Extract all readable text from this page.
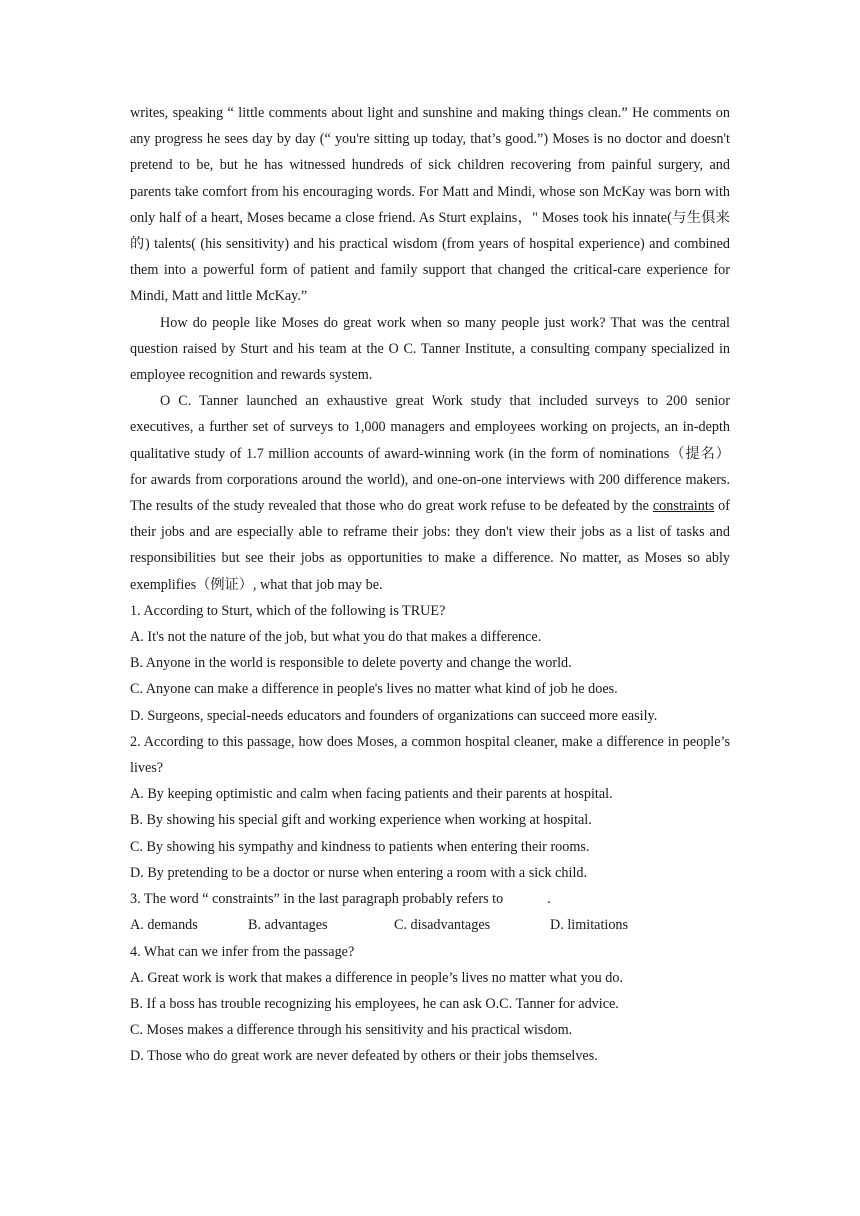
writes, speaking “ little comments about light and sunshine and making things clean.” He comments on any progress he sees day by day (“ you're sitting up today, that’s good.”) Moses is no doctor and doesn't pretend to be, but he has witnessed hundreds of sick children recovering from painful surgery, and parents take comfort from his encouraging words. For Matt and Mindi, whose son McKay was born with only half of a heart, Moses became a close friend. As Sturt explains，" Moses took his innate(与生俱来的) talents( (his sensitivity) and his practical wisdom (from years of hospital experience) and combined them into a powerful form of patient and family support that changed the critical-care experience for Mindi, Matt and little McKay.”

How do people like Moses do great work when so many people just work? That was the central question raised by Sturt and his team at the O C. Tanner Institute, a consulting company specialized in employee recognition and rewards system.

O C. Tanner launched an exhaustive great Work study that included surveys to 200 senior executives, a further set of surveys to 1,000 managers and employees working on projects, an in-depth qualitative study of 1.7 million accounts of award-winning work (in the form of nominations（提名） for awards from corporations around the world), and one-on-one interviews with 200 difference makers. The results of the study revealed that those who do great work refuse to be defeated by the constraints of their jobs and are especially able to reframe their jobs: they don't view their jobs as a list of tasks and responsibilities but see their jobs as opportunities to make a difference. No matter, as Moses so ably exemplifies（例证）, what that job may be.

1. According to Sturt, which of the following is TRUE?

A. It's not the nature of the job, but what you do that makes a difference.

B. Anyone in the world is responsible to delete poverty and change the world.

C. Anyone can make a difference in people's lives no matter what kind of job he does.

D. Surgeons, special-needs educators and founders of organizations can succeed more easily.

2. According to this passage, how does Moses, a common hospital cleaner, make a difference in people’s lives?

A. By keeping optimistic and calm when facing patients and their parents at hospital.

B. By showing his special gift and working experience when working at hospital.

C. By showing his sympathy and kindness to patients when entering their rooms.

D. By pretending to be a doctor or nurse when entering a room with a sick child.

3. The word “ constraints” in the last paragraph probably refers to	.

A. demands	B. advantages	C. disadvantages	D. limitations

4. What can we infer from the passage?

A. Great work is work that makes a difference in people’s lives no matter what you do.

B. If a boss has trouble recognizing his employees, he can ask O.C. Tanner for advice.

C. Moses makes a difference through his sensitivity and his practical wisdom.

D. Those who do great work are never defeated by others or their jobs themselves.
